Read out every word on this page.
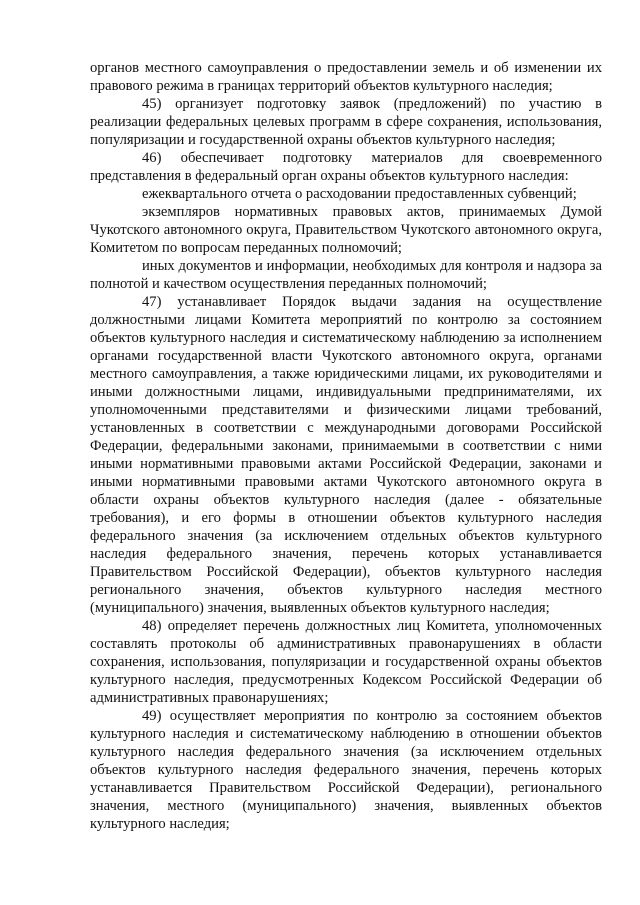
органов местного самоуправления о предоставлении земель и об изменении их правового режима в границах территорий объектов культурного наследия;

45) организует подготовку заявок (предложений) по участию в реализации федеральных целевых программ в сфере сохранения, использования, популяризации и государственной охраны объектов культурного наследия;

46) обеспечивает подготовку материалов для своевременного представления в федеральный орган охраны объектов культурного наследия:

ежеквартального отчета о расходовании предоставленных субвенций;

экземпляров нормативных правовых актов, принимаемых Думой Чукотского автономного округа, Правительством Чукотского автономного округа, Комитетом по вопросам переданных полномочий;

иных документов и информации, необходимых для контроля и надзора за полнотой и качеством осуществления переданных полномочий;

47) устанавливает Порядок выдачи задания на осуществление должностными лицами Комитета мероприятий по контролю за состоянием объектов культурного наследия и систематическому наблюдению за исполнением органами государственной власти Чукотского автономного округа, органами местного самоуправления, а также юридическими лицами, их руководителями и иными должностными лицами, индивидуальными предпринимателями, их уполномоченными представителями и физическими лицами требований, установленных в соответствии с международными договорами Российской Федерации, федеральными законами, принимаемыми в соответствии с ними иными нормативными правовыми актами Российской Федерации, законами и иными нормативными правовыми актами Чукотского автономного округа в области охраны объектов культурного наследия (далее - обязательные требования), и его формы в отношении объектов культурного наследия федерального значения (за исключением отдельных объектов культурного наследия федерального значения, перечень которых устанавливается Правительством Российской Федерации), объектов культурного наследия регионального значения, объектов культурного наследия местного (муниципального) значения, выявленных объектов культурного наследия;

48) определяет перечень должностных лиц Комитета, уполномоченных составлять протоколы об административных правонарушениях в области сохранения, использования, популяризации и государственной охраны объектов культурного наследия, предусмотренных Кодексом Российской Федерации об административных правонарушениях;

49) осуществляет мероприятия по контролю за состоянием объектов культурного наследия и систематическому наблюдению в отношении объектов культурного наследия федерального значения (за исключением отдельных объектов культурного наследия федерального значения, перечень которых устанавливается Правительством Российской Федерации), регионального значения, местного (муниципального) значения, выявленных объектов культурного наследия;
